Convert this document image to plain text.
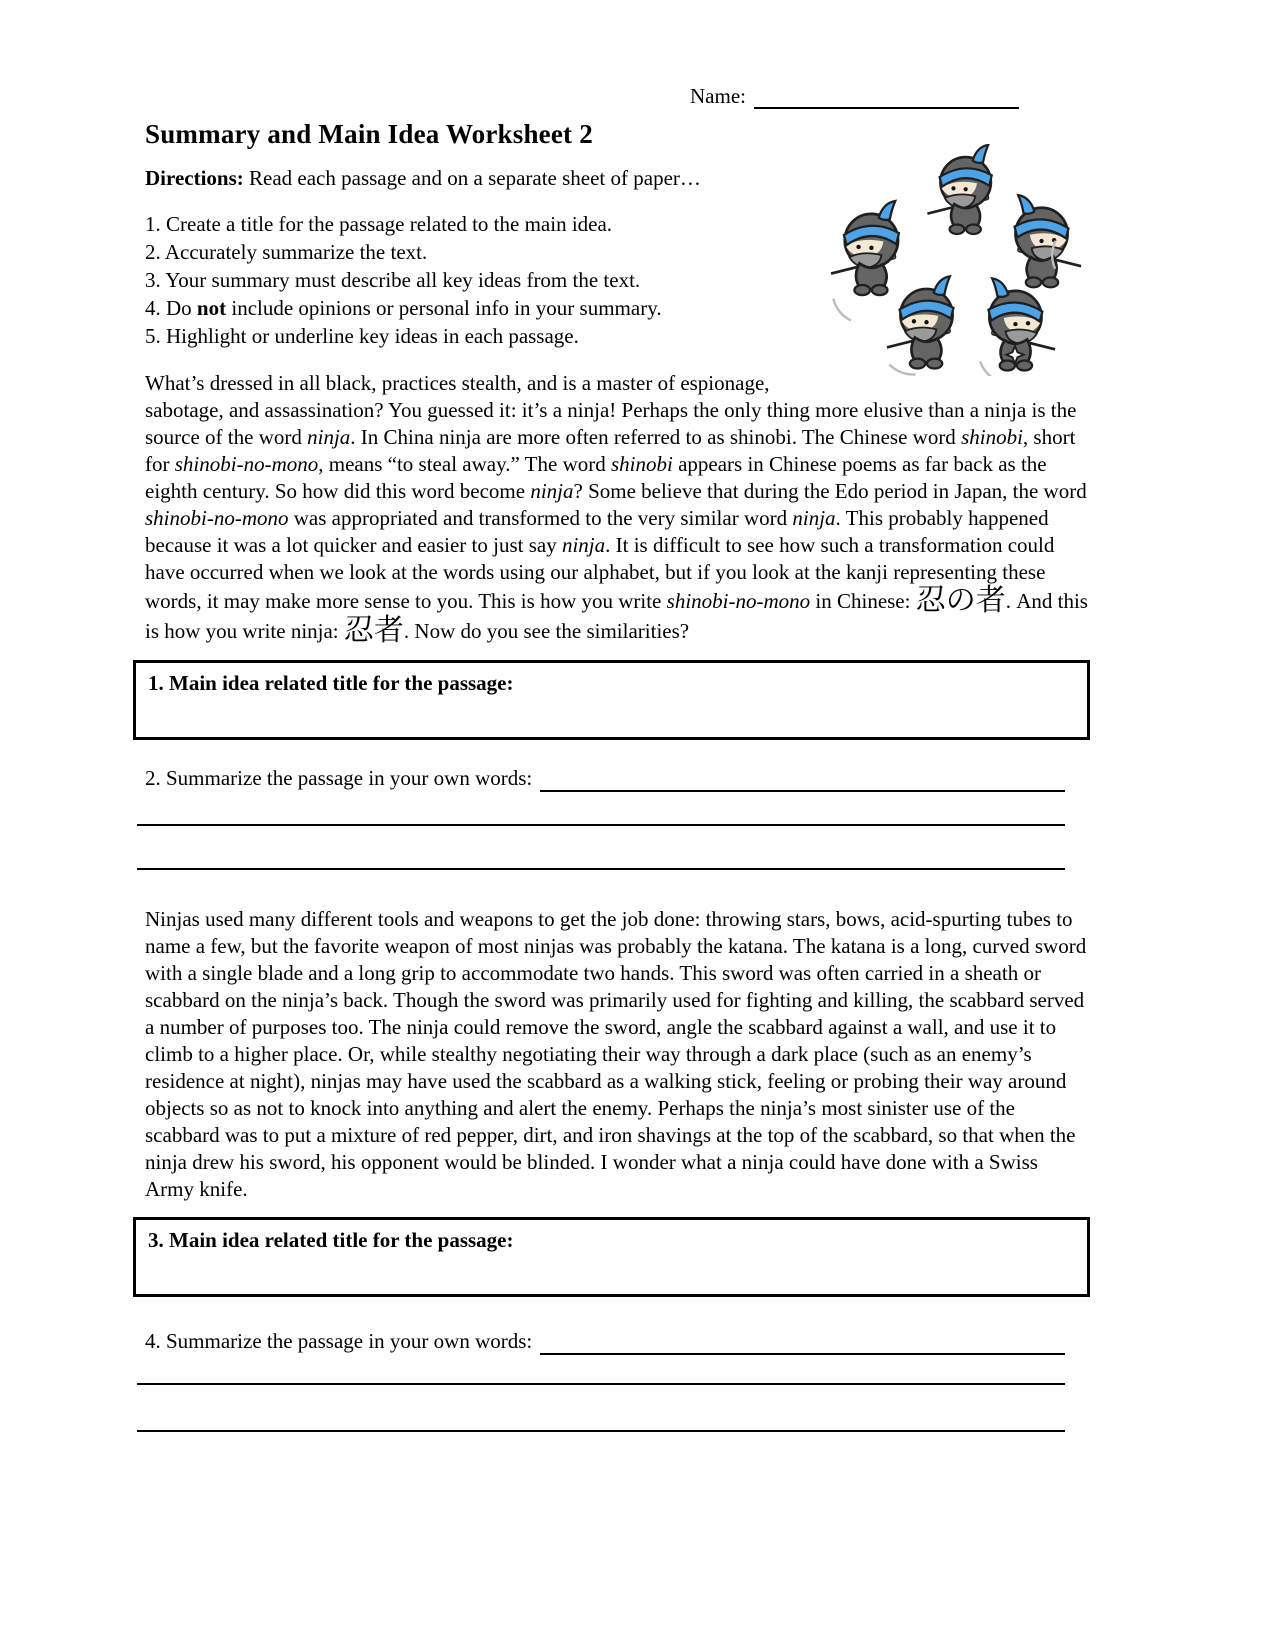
Name:
Summary and Main Idea Worksheet 2

Directions: Read each passage and on a separate sheet of paper…

1. Create a title for the passage related to the main idea.
2. Accurately summarize the text.
3. Your summary must describe all key ideas from the text.
4. Do not include opinions or personal info in your summary.
5. Highlight or underline key ideas in each passage.

What’s dressed in all black, practices stealth, and is a master of espionage, sabotage, and assassination? You guessed it: it’s a ninja! Perhaps the only thing more elusive than a ninja is the source of the word ninja. In China ninja are more often referred to as shinobi. The Chinese word shinobi, short for shinobi-no-mono, means “to steal away.” The word shinobi appears in Chinese poems as far back as the eighth century. So how did this word become ninja? Some believe that during the Edo period in Japan, the word shinobi-no-mono was appropriated and transformed to the very similar word ninja. This probably happened because it was a lot quicker and easier to just say ninja. It is difficult to see how such a transformation could have occurred when we look at the words using our alphabet, but if you look at the kanji representing these words, it may make more sense to you. This is how you write shinobi-no-mono in Chinese: 忍の者. And this is how you write ninja: 忍者. Now do you see the similarities?

1. Main idea related title for the passage:
2. Summarize the passage in your own words:

Ninjas used many different tools and weapons to get the job done: throwing stars, bows, acid-spurting tubes to name a few, but the favorite weapon of most ninjas was probably the katana. The katana is a long, curved sword with a single blade and a long grip to accommodate two hands. This sword was often carried in a sheath or scabbard on the ninja’s back. Though the sword was primarily used for fighting and killing, the scabbard served a number of purposes too. The ninja could remove the sword, angle the scabbard against a wall, and use it to climb to a higher place. Or, while stealthy negotiating their way through a dark place (such as an enemy’s residence at night), ninjas may have used the scabbard as a walking stick, feeling or probing their way around objects so as not to knock into anything and alert the enemy. Perhaps the ninja’s most sinister use of the scabbard was to put a mixture of red pepper, dirt, and iron shavings at the top of the scabbard, so that when the ninja drew his sword, his opponent would be blinded. I wonder what a ninja could have done with a Swiss Army knife.

3. Main idea related title for the passage:
4. Summarize the passage in your own words:
